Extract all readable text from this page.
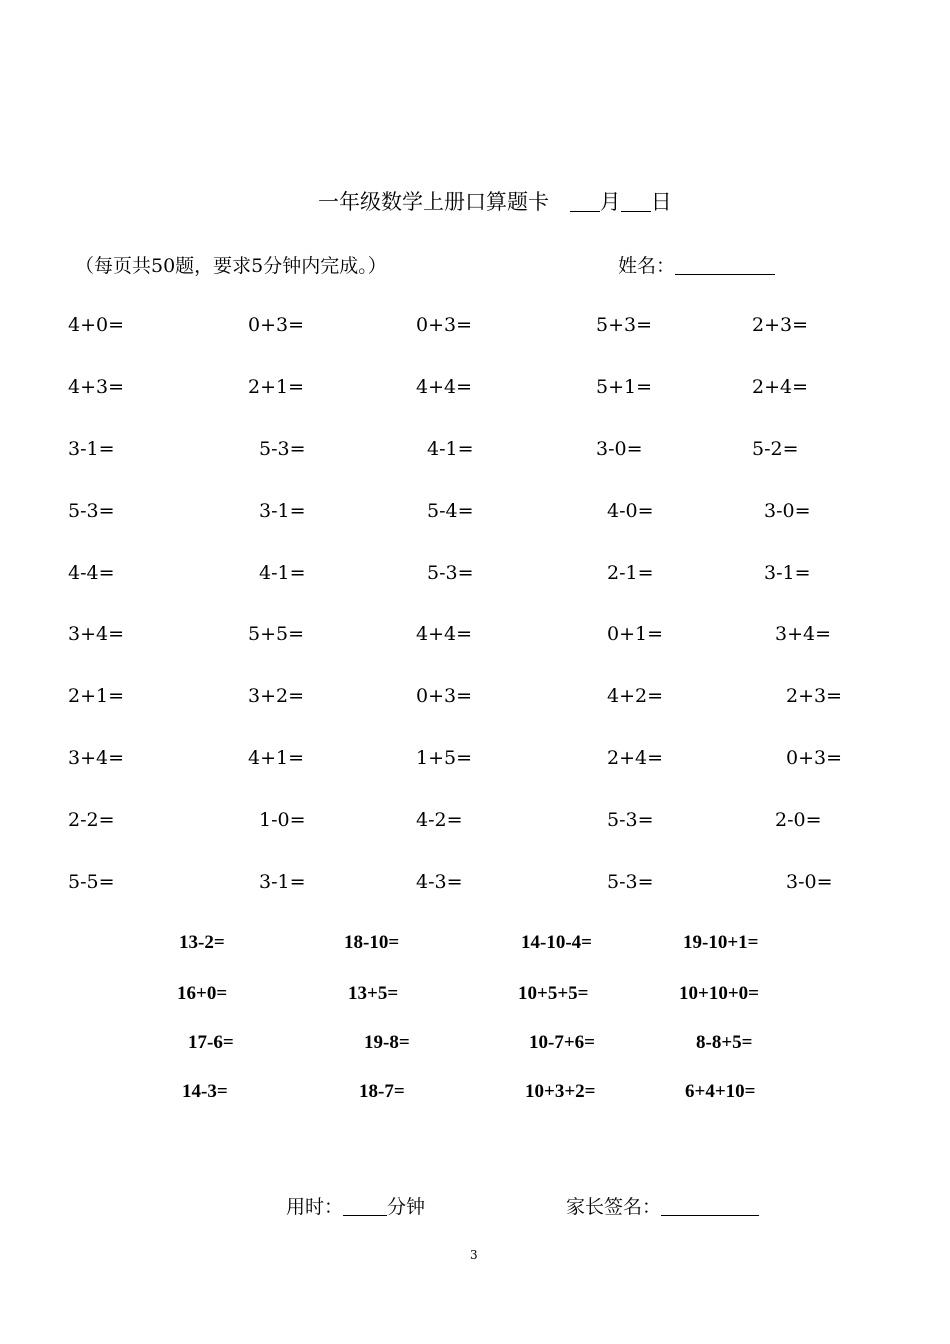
一年级数学上册口算题卡 月 日
（每页共50题，要求5分钟内完成。）	姓名：
4+0=	0+3=	0+3=	5+3=	2+3=
4+3=	2+1=	4+4=	5+1=	2+4=
3-1=	5-3=	4-1=	3-0=	5-2=
5-3=	3-1=	5-4=	4-0=	3-0=
4-4=	4-1=	5-3=	2-1=	3-1=
3+4=	5+5=	4+4=	0+1=	3+4=
2+1=	3+2=	0+3=	4+2=	2+3=
3+4=	4+1=	1+5=	2+4=	0+3=
2-2=	1-0=	4-2=	5-3=	2-0=
5-5=	3-1=	4-3=	5-3=	3-0=
13-2=	18-10=	14-10-4=	19-10+1=
16+0=	13+5=	10+5+5=	10+10+0=
17-6=	19-8=	10-7+6=	8-8+5=
14-3=	18-7=	10+3+2=	6+4+10=
用时： 分钟	家长签名：
3
